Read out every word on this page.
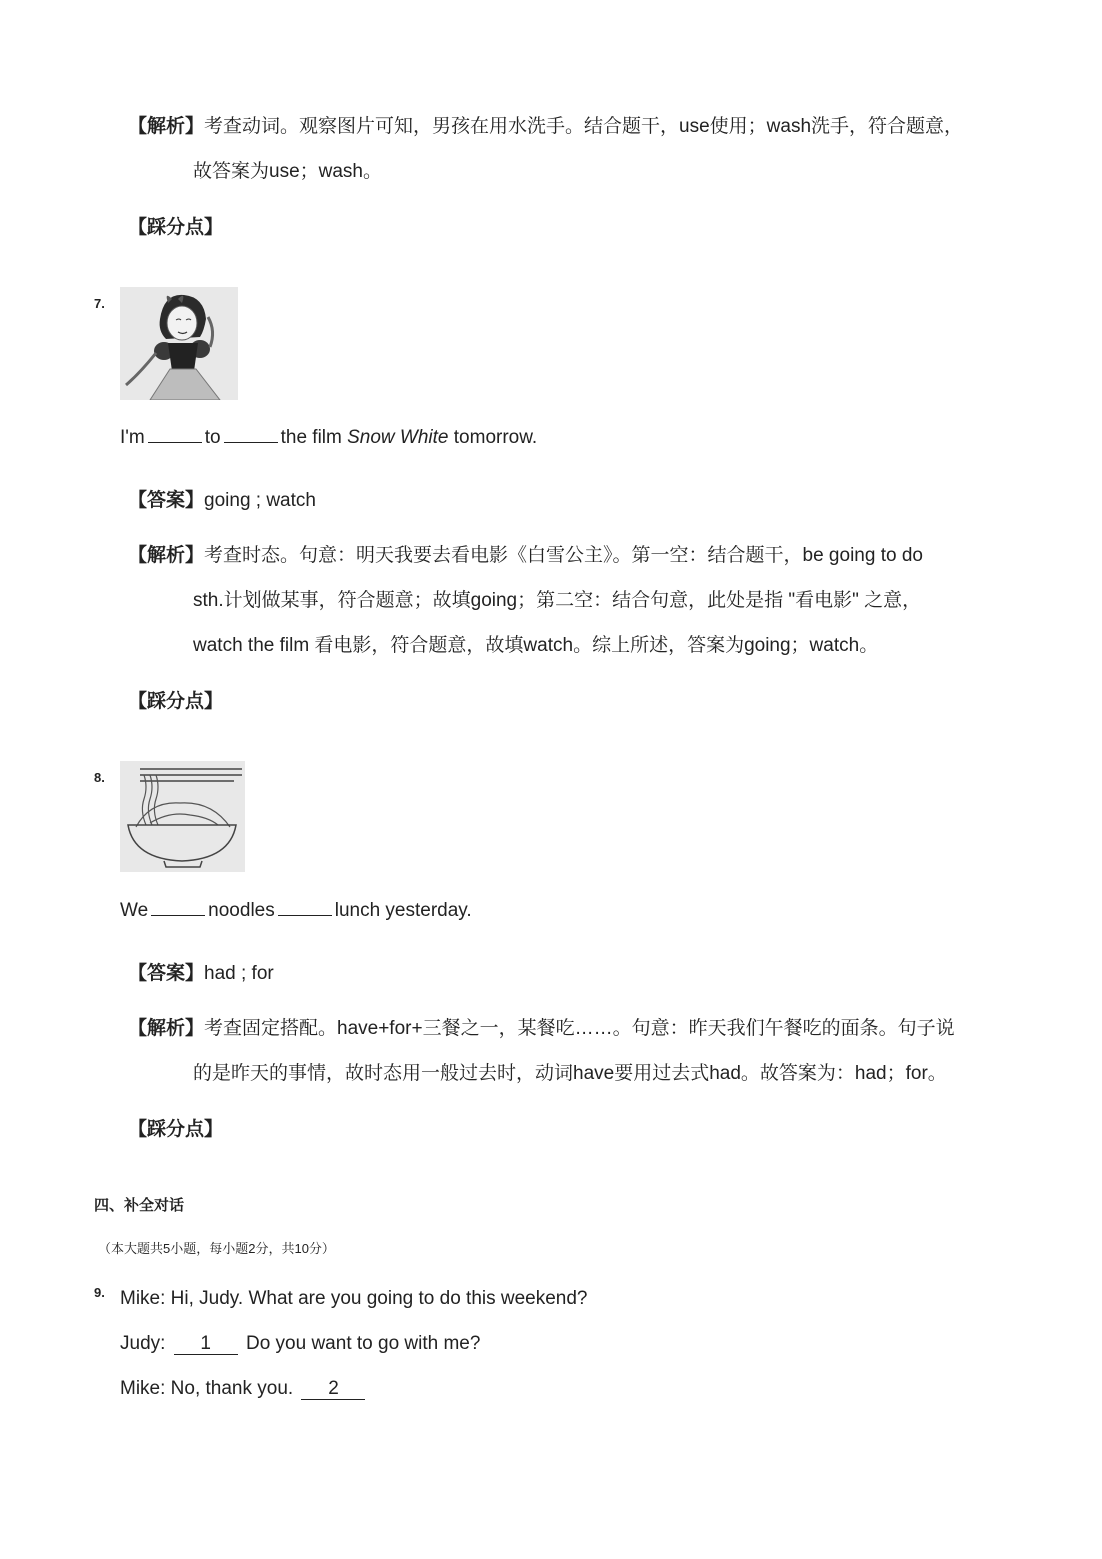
【解析】考查动词。观察图片可知，男孩在用水洗手。结合题干，use使用；wash洗手，符合题意，
故答案为use；wash。
【踩分点】
7.
I'm	to	the film Snow White tomorrow.
【答案】going ; watch
【解析】考查时态。句意：明天我要去看电影《白雪公主》。第一空：结合题干，be going to do
sth.计划做某事，符合题意；故填going；第二空：结合句意，此处是指 "看电影" 之意，
watch the film 看电影，符合题意，故填watch。综上所述，答案为going；watch。
【踩分点】
8.
We	noodles	lunch yesterday.
【答案】had ; for
【解析】考查固定搭配。have+for+三餐之一，某餐吃……。句意：昨天我们午餐吃的面条。句子说
的是昨天的事情，故时态用一般过去时，动词have要用过去式had。故答案为：had；for。
【踩分点】
四、补全对话
（本大题共5小题，每小题2分，共10分）
9. Mike: Hi, Judy. What are you going to do this weekend?
Judy: 1 Do you want to go with me?
Mike: No, thank you. 2
